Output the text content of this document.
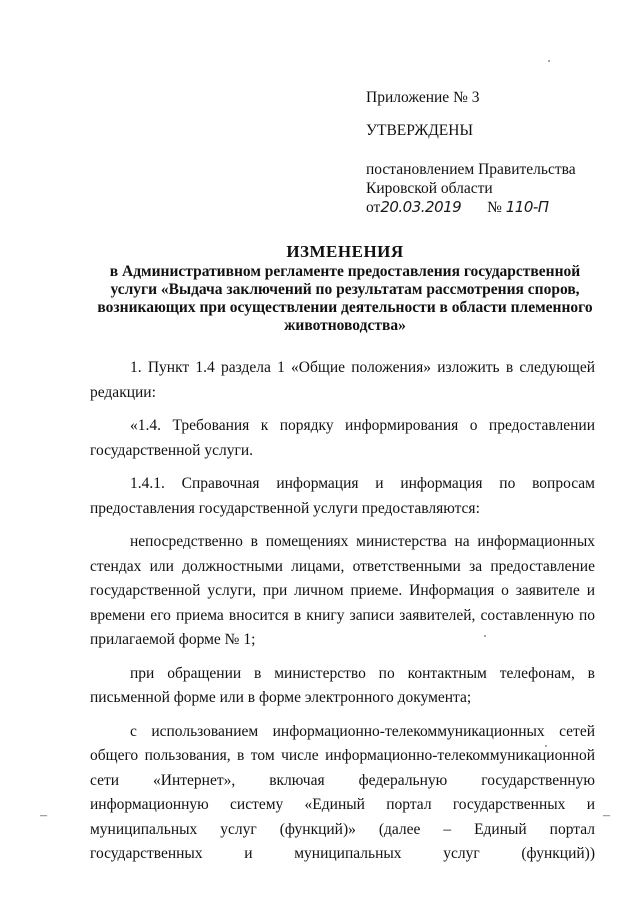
Приложение № 3
УТВЕРЖДЕНЫ
постановлением Правительства
Кировской области
от20.03.2019 № 110-П
ИЗМЕНЕНИЯ
в Административном регламенте предоставления государственной услуги «Выдача заключений по результатам рассмотрения споров, возникающих при осуществлении деятельности в области племенного животноводства»

1. Пункт 1.4 раздела 1 «Общие положения» изложить в следующей редакции:

«1.4. Требования к порядку информирования о предоставлении государственной услуги.

1.4.1. Справочная информация и информация по вопросам предоставления государственной услуги предоставляются:

непосредственно в помещениях министерства на информационных стендах или должностными лицами, ответственными за предоставление государственной услуги, при личном приеме. Информация о заявителе и времени его приема вносится в книгу записи заявителей, составленную по прилагаемой форме № 1;

при обращении в министерство по контактным телефонам, в письменной форме или в форме электронного документа;

с использованием информационно-телекоммуникационных сетей общего пользования, в том числе информационно-телекоммуникационной сети «Интернет», включая федеральную государственную информационную систему «Единый портал государственных и муниципальных услуг (функций)» (далее – Единый портал государственных и муниципальных услуг (функций))

‒	‒
